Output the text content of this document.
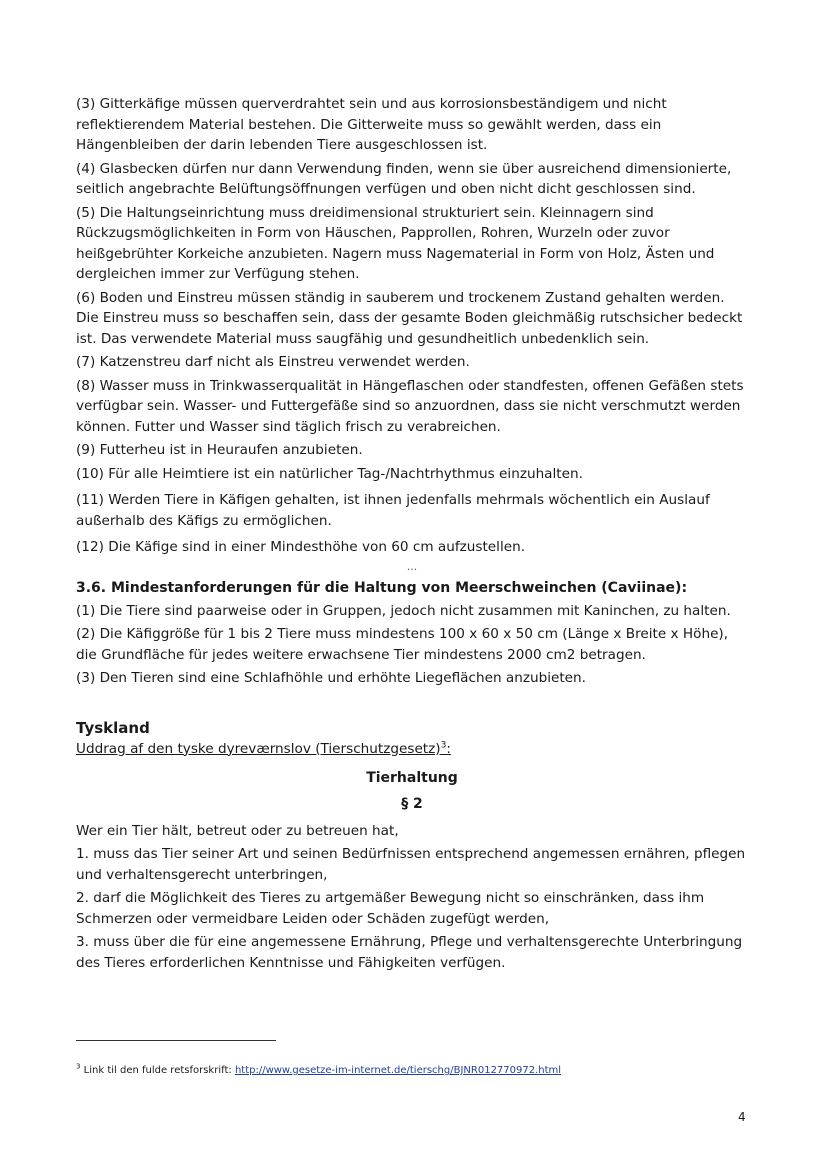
(3) Gitterkäfige müssen querverdrahtet sein und aus korrosionsbeständigem und nicht reflektierendem Material bestehen. Die Gitterweite muss so gewählt werden, dass ein Hängenbleiben der darin lebenden Tiere ausgeschlossen ist.

(4) Glasbecken dürfen nur dann Verwendung finden, wenn sie über ausreichend dimensionierte, seitlich angebrachte Belüftungsöffnungen verfügen und oben nicht dicht geschlossen sind.

(5) Die Haltungseinrichtung muss dreidimensional strukturiert sein. Kleinnagern sind Rückzugsmöglichkeiten in Form von Häuschen, Papprollen, Rohren, Wurzeln oder zuvor heißgebrühter Korkeiche anzubieten. Nagern muss Nagematerial in Form von Holz, Ästen und dergleichen immer zur Verfügung stehen.

(6) Boden und Einstreu müssen ständig in sauberem und trockenem Zustand gehalten werden. Die Einstreu muss so beschaffen sein, dass der gesamte Boden gleichmäßig rutschsicher bedeckt ist. Das verwendete Material muss saugfähig und gesundheitlich unbedenklich sein.

(7) Katzenstreu darf nicht als Einstreu verwendet werden.

(8) Wasser muss in Trinkwasserqualität in Hängeflaschen oder standfesten, offenen Gefäßen stets verfügbar sein. Wasser- und Futtergefäße sind so anzuordnen, dass sie nicht verschmutzt werden können. Futter und Wasser sind täglich frisch zu verabreichen.

(9) Futterheu ist in Heuraufen anzubieten.

(10) Für alle Heimtiere ist ein natürlicher Tag-/Nachtrhythmus einzuhalten.

(11) Werden Tiere in Käfigen gehalten, ist ihnen jedenfalls mehrmals wöchentlich ein Auslauf außerhalb des Käfigs zu ermöglichen.

(12) Die Käfige sind in einer Mindesthöhe von 60 cm aufzustellen.

...
3.6. Mindestanforderungen für die Haltung von Meerschweinchen (Caviinae):

(1) Die Tiere sind paarweise oder in Gruppen, jedoch nicht zusammen mit Kaninchen, zu halten.

(2) Die Käfiggröße für 1 bis 2 Tiere muss mindestens 100 x 60 x 50 cm (Länge x Breite x Höhe), die Grundfläche für jedes weitere erwachsene Tier mindestens 2000 cm2 betragen.

(3) Den Tieren sind eine Schlafhöhle und erhöhte Liegeflächen anzubieten.

Tyskland
Uddrag af den tyske dyreværnslov (Tierschutzgesetz)$^3$:
Tierhaltung
§ 2

Wer ein Tier hält, betreut oder zu betreuen hat,

1. muss das Tier seiner Art und seinen Bedürfnissen entsprechend angemessen ernähren, pflegen und verhaltensgerecht unterbringen,

2. darf die Möglichkeit des Tieres zu artgemäßer Bewegung nicht so einschränken, dass ihm Schmerzen oder vermeidbare Leiden oder Schäden zugefügt werden,

3. muss über die für eine angemessene Ernährung, Pflege und verhaltensgerechte Unterbringung des Tieres erforderlichen Kenntnisse und Fähigkeiten verfügen.

$^3$ Link til den fulde retsforskrift: http://www.gesetze-im-internet.de/tierschg/BJNR012770972.html
4
